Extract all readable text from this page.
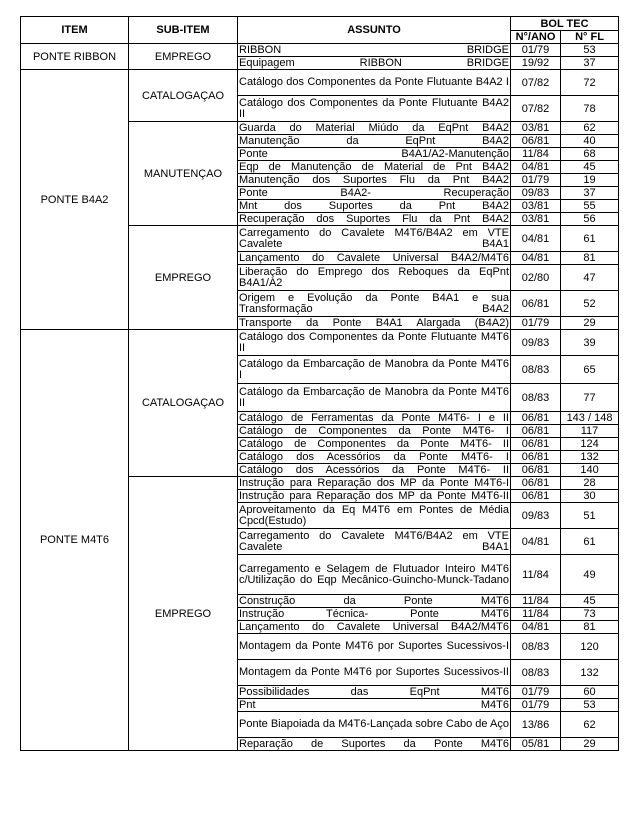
ITEM	SUB-ITEM	ASSUNTO	BOL TEC	
			N°/ANO	N° FL
PONTE RIBBON	EMPREGO	RIBBON BRIDGE	01/79	53
		Equipagem RIBBON BRIDGE	19/92	37
PONTE B4A2	CATALOGAÇAO	Catálogo dos Componentes da Ponte Flutuante B4A2 I	07/82	72
		Catálogo dos Componentes da Ponte Flutuante B4A2 II	07/82	78
	MANUTENÇAO	Guarda do Material Miúdo da EqPnt B4A2	03/81	62
		Manutenção da EqPnt B4A2	06/81	40
		Ponte B4A1/A2-Manutenção	11/84	68
		Eqp de Manutenção de Material de Pnt B4A2	04/81	45
		Manutenção dos Suportes Flu da Pnt B4A2	01/79	19
		Ponte B4A2- Recuperação	09/83	37
		Mnt dos Suportes da Pnt B4A2	03/81	55
		Recuperação dos Suportes Flu da Pnt B4A2	03/81	56
	EMPREGO	Carregamento do Cavalete M4T6/B4A2 em VTE Cavalete B4A1	04/81	61
		Lançamento do Cavalete Universal B4A2/M4T6	04/81	81
		Liberação do Emprego dos Reboques da EqPnt B4A1/A2	02/80	47
		Origem e Evolução da Ponte B4A1 e sua Transformação B4A2	06/81	52
		Transporte da Ponte B4A1 Alargada (B4A2)	01/79	29
PONTE M4T6	CATALOGAÇAO	Catálogo dos Componentes da Ponte Flutuante M4T6 II	09/83	39
		Catálogo da Embarcação de Manobra da Ponte M4T6 I	08/83	65
		Catálogo da Embarcação de Manobra da Ponte M4T6 II	08/83	77
		Catálogo de Ferramentas da Ponte M4T6- I e II	06/81	143 / 148
		Catálogo de Componentes da Ponte M4T6- I	06/81	117
		Catálogo de Componentes da Ponte M4T6- II	06/81	124
		Catálogo dos Acessórios da Ponte M4T6- I	06/81	132
		Catálogo dos Acessórios da Ponte M4T6- II	06/81	140
	EMPREGO	Instrução para Reparação dos MP da Ponte M4T6-I	06/81	28
		Instrução para Reparação dos MP da Ponte M4T6-II	06/81	30
		Aproveitamento da Eq M4T6 em Pontes de Média Cpcd(Estudo)	09/83	51
		Carregamento do Cavalete M4T6/B4A2 em VTE Cavalete B4A1	04/81	61
		Carregamento e Selagem de Flutuador Inteiro M4T6 c/Utilização do Eqp Mecânico-Guincho-Munck-Tadano	11/84	49
		Construção da Ponte M4T6	11/84	45
		Instrução Técnica- Ponte M4T6	11/84	73
		Lançamento do Cavalete Universal B4A2/M4T6	04/81	81
		Montagem da Ponte M4T6 por Suportes Sucessivos-I	08/83	120
		Montagem da Ponte M4T6 por Suportes Sucessivos-II	08/83	132
		Possibilidades das EqPnt M4T6	01/79	60
		Pnt M4T6	01/79	53
		Ponte Biapoiada da M4T6-Lançada sobre Cabo de Aço	13/86	62
		Reparação de Suportes da Ponte M4T6	05/81	29
